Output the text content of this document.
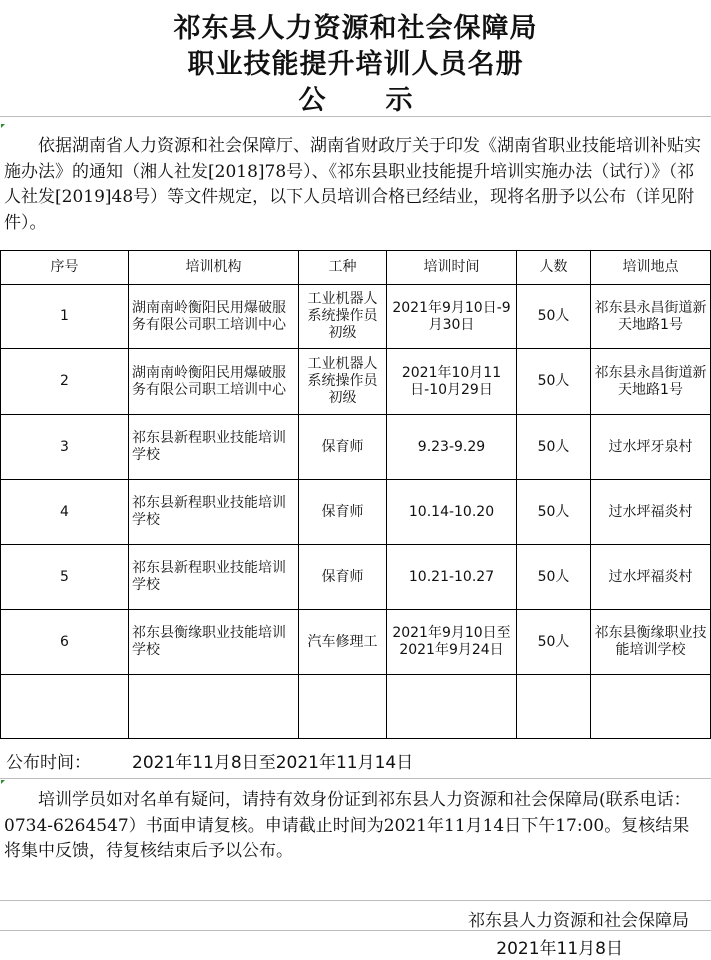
祁东县人力资源和社会保障局
职业技能提升培训人员名册
公示
依据湖南省人力资源和社会保障厅、湖南省财政厅关于印发《湖南省职业技能培训补贴实施办法》的通知（湘人社发[2018]78号）、《祁东县职业技能提升培训实施办法（试行）》（祁人社发[2019]48号）等文件规定，以下人员培训合格已经结业，现将名册予以公布（详见附件）。
序号	培训机构	工种	培训时间	人数	培训地点
1	湖南南岭衡阳民用爆破服务有限公司职工培训中心	工业机器人系统操作员初级	2021年9月10日-9月30日	50人	祁东县永昌街道新天地路1号
2	湖南南岭衡阳民用爆破服务有限公司职工培训中心	工业机器人系统操作员初级	2021年10月11日-10月29日	50人	祁东县永昌街道新天地路1号
3	祁东县新程职业技能培训学校	保育师	9.23-9.29	50人	过水坪牙泉村
4	祁东县新程职业技能培训学校	保育师	10.14-10.20	50人	过水坪福炎村
5	祁东县新程职业技能培训学校	保育师	10.21-10.27	50人	过水坪福炎村
6	祁东县衡缘职业技能培训学校	汽车修理工	2021年9月10日至2021年9月24日	50人	祁东县衡缘职业技能培训学校

公布时间： 2021年11月8日至2021年11月14日
培训学员如对名单有疑问，请持有效身份证到祁东县人力资源和社会保障局(联系电话：0734-6264547）书面申请复核。申请截止时间为2021年11月14日下午17:00。复核结果将集中反馈，待复核结束后予以公布。
祁东县人力资源和社会保障局
2021年11月8日
